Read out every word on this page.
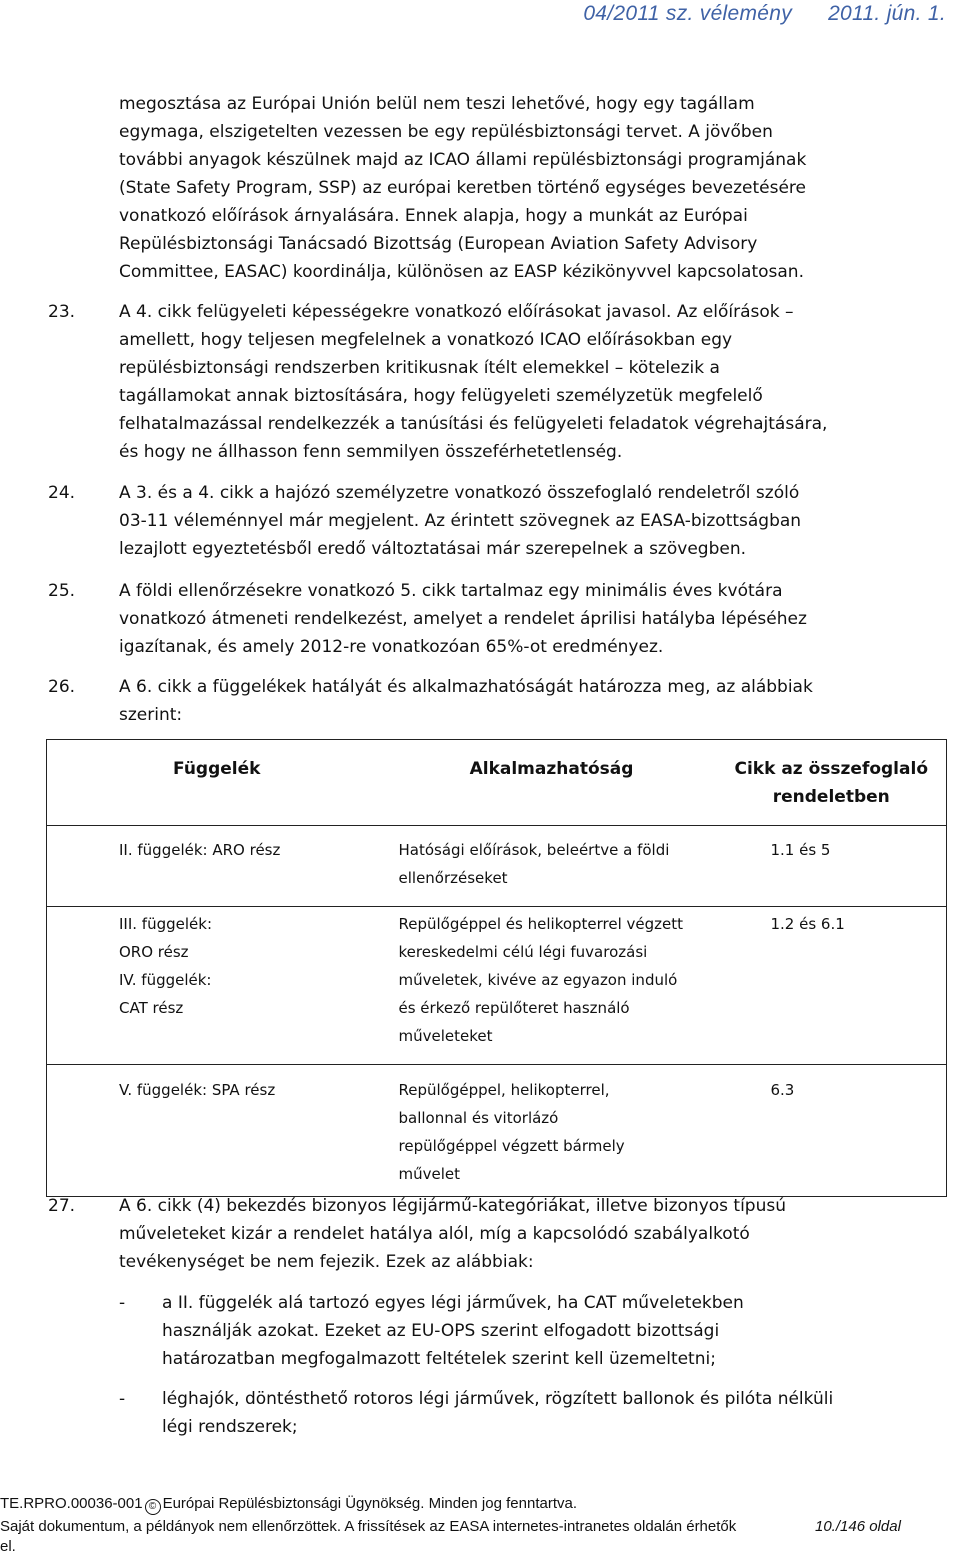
04/2011 sz. vélemény 2011. jún. 1.

megosztása az Európai Unión belül nem teszi lehetővé, hogy egy tagállam

egymaga, elszigetelten vezessen be egy repülésbiztonsági tervet. A jövőben

további anyagok készülnek majd az ICAO állami repülésbiztonsági programjának

(State Safety Program, SSP) az európai keretben történő egységes bevezetésére

vonatkozó előírások árnyalására. Ennek alapja, hogy a munkát az Európai

Repülésbiztonsági Tanácsadó Bizottság (European Aviation Safety Advisory

Committee, EASAC) koordinálja, különösen az EASP kézikönyvvel kapcsolatosan.

23.	A 4. cikk felügyeleti képességekre vonatkozó előírásokat javasol. Az előírások –

amellett, hogy teljesen megfelelnek a vonatkozó ICAO előírásokban egy

repülésbiztonsági rendszerben kritikusnak ítélt elemekkel – kötelezik a

tagállamokat annak biztosítására, hogy felügyeleti személyzetük megfelelő

felhatalmazással rendelkezzék a tanúsítási és felügyeleti feladatok végrehajtására,

és hogy ne állhasson fenn semmilyen összeférhetetlenség.

24.	A 3. és a 4. cikk a hajózó személyzetre vonatkozó összefoglaló rendeletről szóló

03-11 véleménnyel már megjelent. Az érintett szövegnek az EASA-bizottságban

lezajlott egyeztetésből eredő változtatásai már szerepelnek a szövegben.

25.	A földi ellenőrzésekre vonatkozó 5. cikk tartalmaz egy minimális éves kvótára

vonatkozó átmeneti rendelkezést, amelyet a rendelet áprilisi hatályba lépéséhez

igazítanak, és amely 2012-re vonatkozóan 65%-ot eredményez.

26.	A 6. cikk a függelékek hatályát és alkalmazhatóságát határozza meg, az alábbiak

szerint:

Függelék	Alkalmazhatóság	Cikk az összefoglaló rendeletben
II. függelék: ARO rész	Hatósági előírások, beleértve a földi ellenőrzéseket	1.1 és 5

III. függelék: ORO rész
IV. függelék: CAT rész	Repülőgéppel és helikopterrel végzett kereskedelmi célú légi fuvarozási műveletek, kivéve az egyazon induló és érkező repülőteret használó műveleteket	1.2 és 6.1
V. függelék: SPA rész	Repülőgéppel, helikopterrel, ballonnal és vitorlázó repülőgéppel végzett bármely művelet	6.3

27.	A 6. cikk (4) bekezdés bizonyos légijármű-kategóriákat, illetve bizonyos típusú

műveleteket kizár a rendelet hatálya alól, míg a kapcsolódó szabályalkotó

tevékenységet be nem fejezik. Ezek az alábbiak:

- a II. függelék alá tartozó egyes légi járművek, ha CAT műveletekben

használják azokat. Ezeket az EU-OPS szerint elfogadott bizottsági

határozatban megfogalmazott feltételek szerint kell üzemeltetni;

- léghajók, döntésthető rotoros légi járművek, rögzített ballonok és pilóta nélküli

légi rendszerek;

TE.RPRO.00036-001 © Európai Repülésbiztonsági Ügynökség. Minden jog fenntartva.
Saját dokumentum, a példányok nem ellenőrzöttek. A frissítések az EASA internetes-intranetes oldalán érhetők	10./146 oldal
el.
